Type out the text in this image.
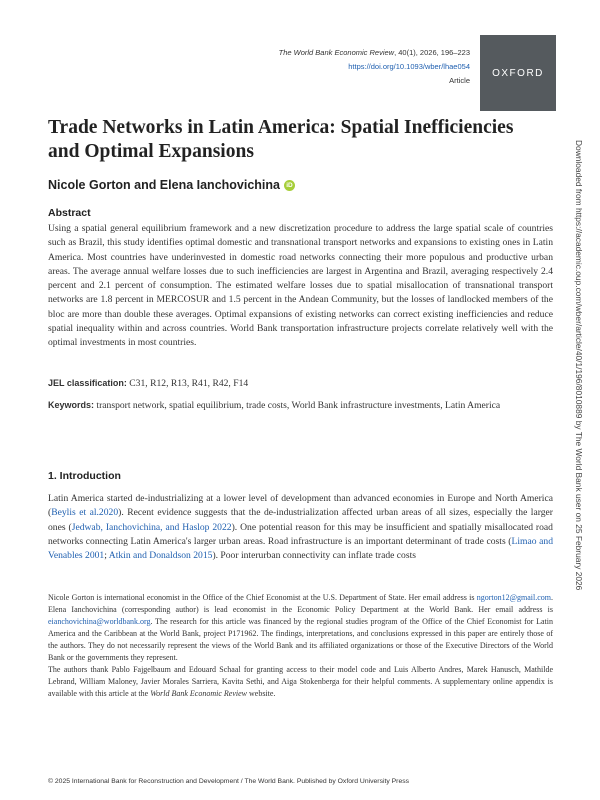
The World Bank Economic Review, 40(1), 2026, 196–223
https://doi.org/10.1093/wber/lhae054
Article
OXFORD
Trade Networks in Latin America: Spatial Inefficiencies and Optimal Expansions
Nicole Gorton and Elena Ianchovichina iD
Abstract

Using a spatial general equilibrium framework and a new discretization procedure to address the large spatial scale of countries such as Brazil, this study identifies optimal domestic and transnational transport networks and expansions to existing ones in Latin America. Most countries have underinvested in domestic road networks connecting their more populous and productive urban areas. The average annual welfare losses due to such inefficiencies are largest in Argentina and Brazil, averaging respectively 2.4 percent and 2.1 percent of consumption. The estimated welfare losses due to spatial misallocation of transnational transport networks are 1.8 percent in MERCOSUR and 1.5 percent in the Andean Community, but the losses of landlocked members of the bloc are more than double these averages. Optimal expansions of existing networks can correct existing inefficiencies and reduce spatial inequality within and across countries. World Bank transportation infrastructure projects correlate relatively well with the optimal investments in most countries.

JEL classification: C31, R12, R13, R41, R42, F14
Keywords: transport network, spatial equilibrium, trade costs, World Bank infrastructure investments, Latin America
1. Introduction

Latin America started de-industrializing at a lower level of development than advanced economies in Europe and North America (Beylis et al.2020). Recent evidence suggests that the de-industrialization affected urban areas of all sizes, especially the larger ones (Jedwab, Ianchovichina, and Haslop 2022). One potential reason for this may be insufficient and spatially misallocated road networks connecting Latin America's larger urban areas. Road infrastructure is an important determinant of trade costs (Limao and Venables 2001; Atkin and Donaldson 2015). Poor interurban connectivity can inflate trade costs

Nicole Gorton is international economist in the Office of the Chief Economist at the U.S. Department of State. Her email address is ngorton12@gmail.com. Elena Ianchovichina (corresponding author) is lead economist in the Economic Policy Department at the World Bank. Her email address is eianchovichina@worldbank.org. The research for this article was financed by the regional studies program of the Office of the Chief Economist for Latin America and the Caribbean at the World Bank, project P171962. The findings, interpretations, and conclusions expressed in this paper are entirely those of the authors. They do not necessarily represent the views of the World Bank and its affiliated organizations or those of the Executive Directors of the World Bank or the governments they represent.

The authors thank Pablo Fajgelbaum and Edouard Schaal for granting access to their model code and Luis Alberto Andres, Marek Hanusch, Mathilde Lebrand, William Maloney, Javier Morales Sarriera, Kavita Sethi, and Aiga Stokenberga for their helpful comments. A supplementary online appendix is available with this article at the World Bank Economic Review website.

© 2025 International Bank for Reconstruction and Development / The World Bank. Published by Oxford University Press
Downloaded from https://academic.oup.com/wber/article/40/1/196/8010889 by The World Bank user on 25 February 2026
